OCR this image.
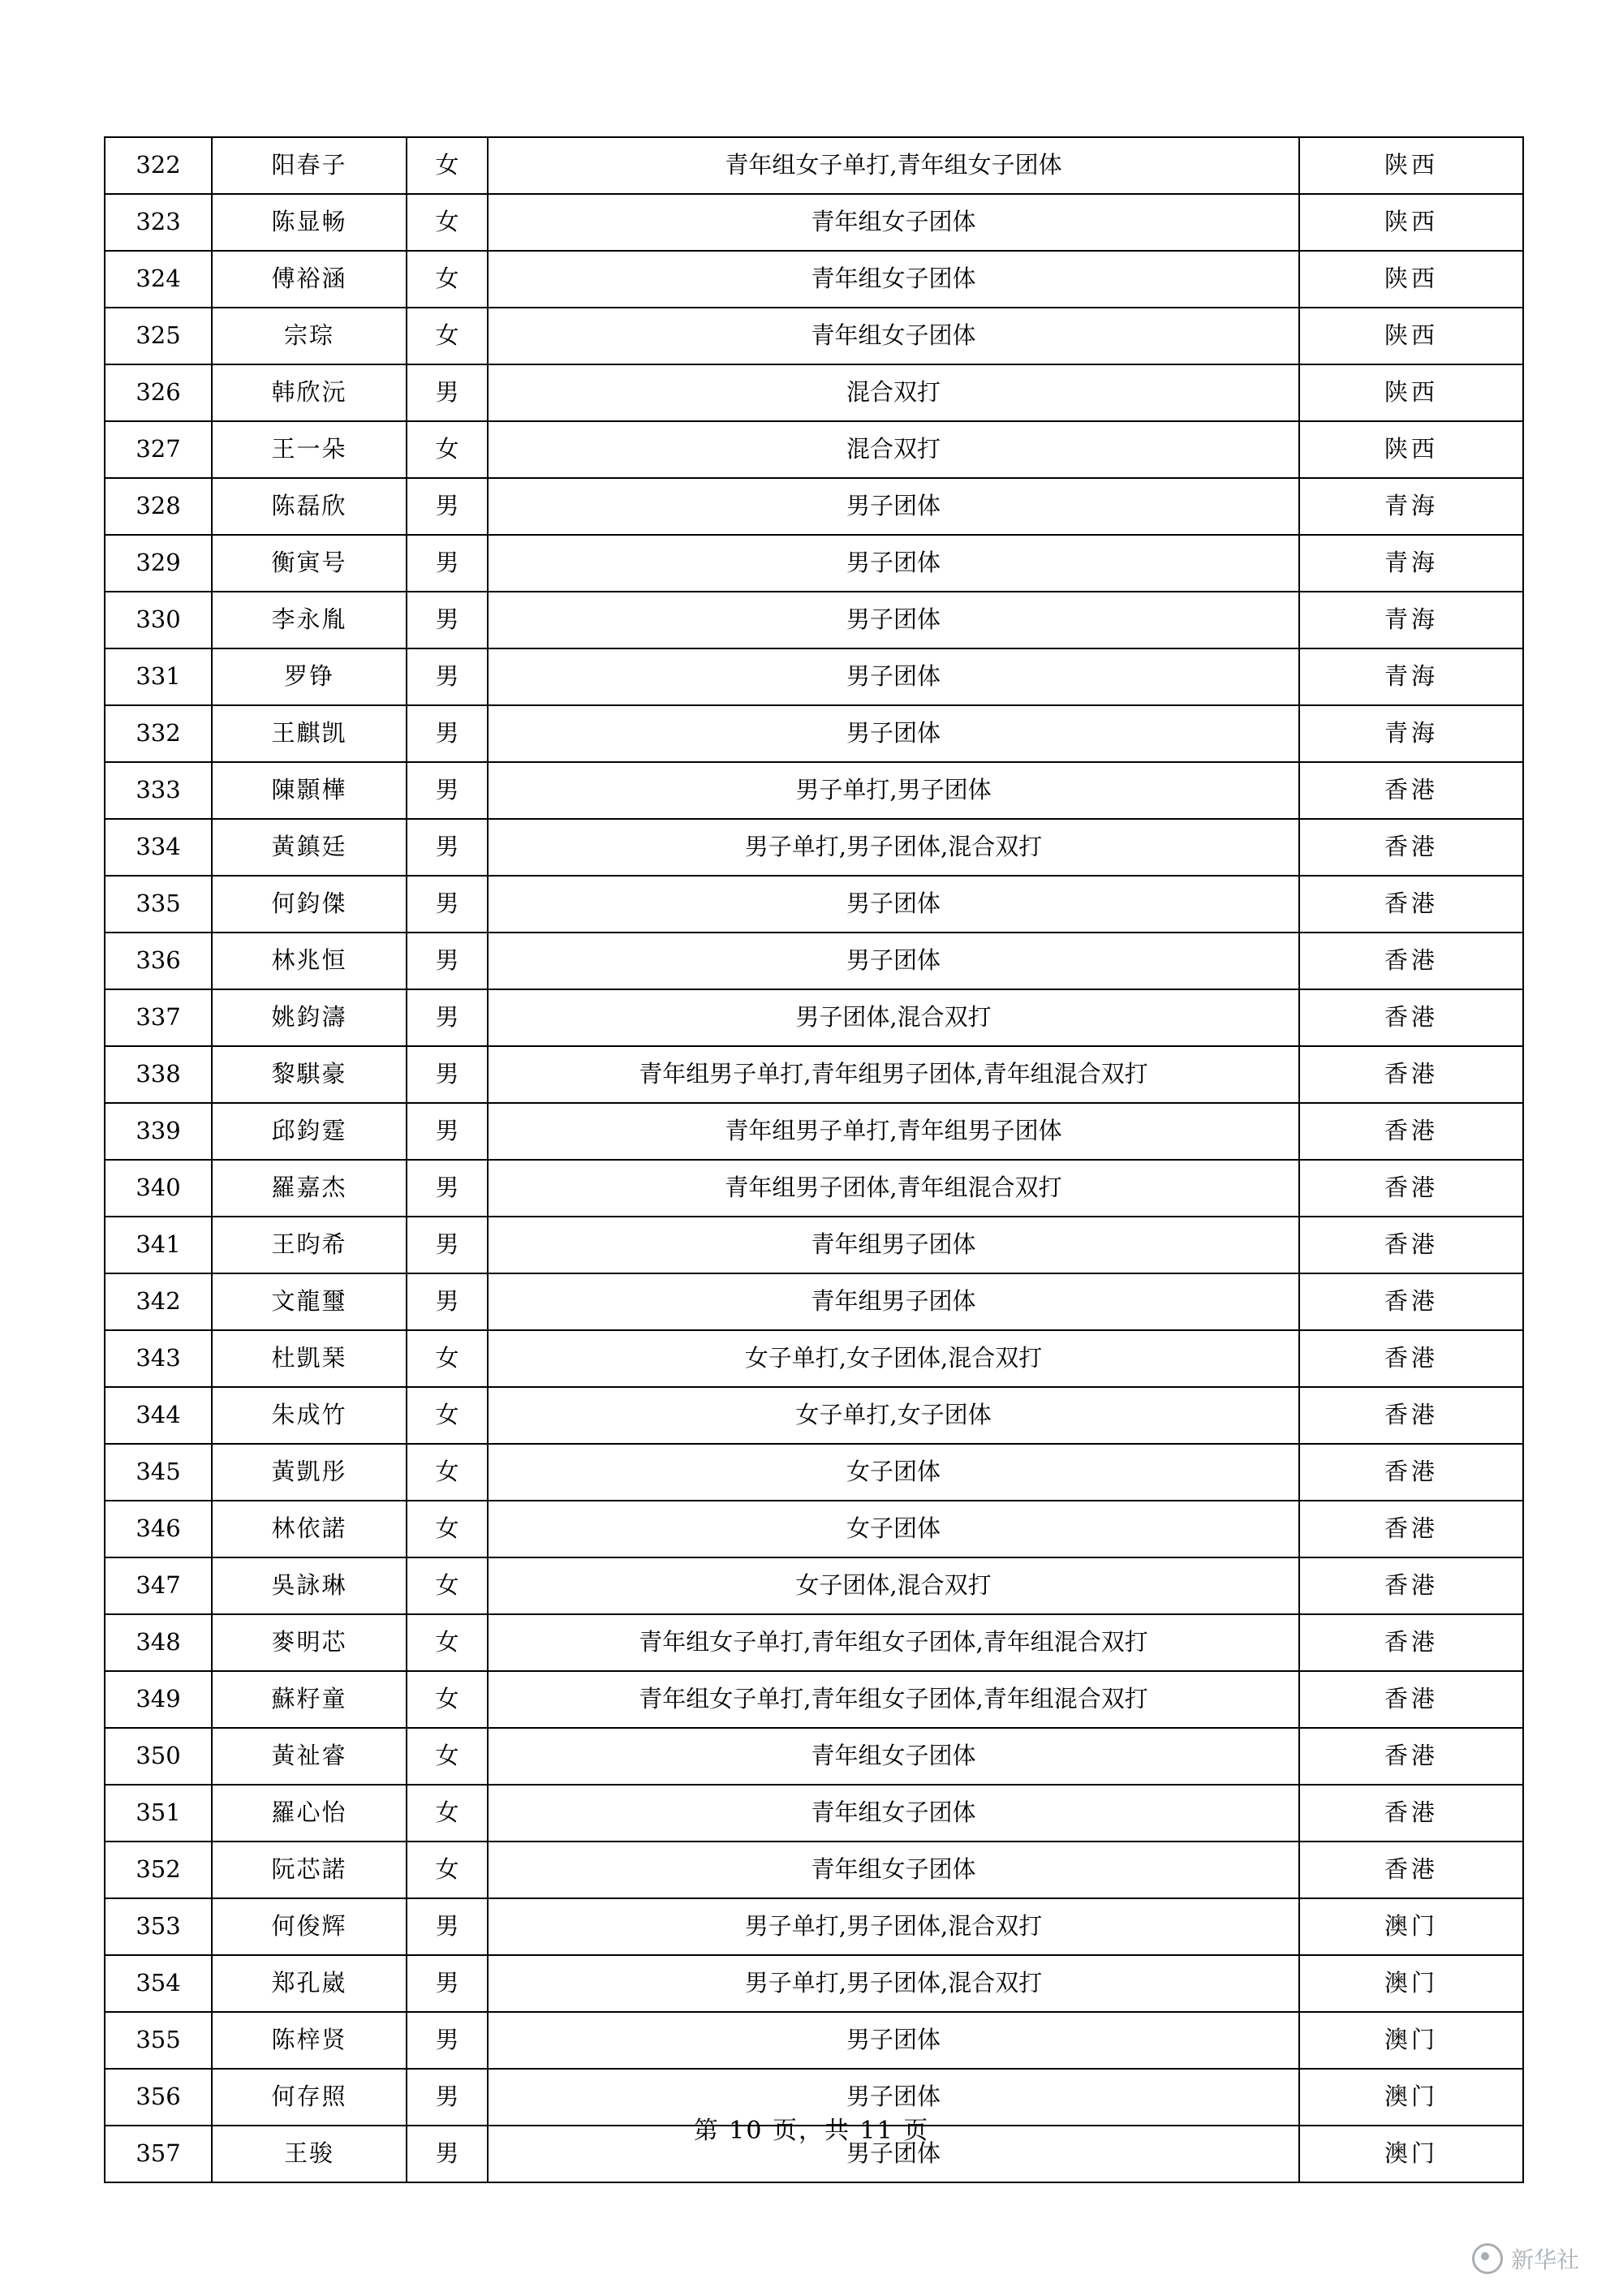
322	阳春子	女	青年组女子单打,青年组女子团体	陕西
323	陈显畅	女	青年组女子团体	陕西
324	傅裕涵	女	青年组女子团体	陕西
325	宗琮	女	青年组女子团体	陕西
326	韩欣沅	男	混合双打	陕西
327	王一朵	女	混合双打	陕西
328	陈磊欣	男	男子团体	青海
329	衡寅号	男	男子团体	青海
330	李永胤	男	男子团体	青海
331	罗铮	男	男子团体	青海
332	王麒凯	男	男子团体	青海
333	陳顥樺	男	男子单打,男子团体	香港
334	黃鎮廷	男	男子单打,男子团体,混合双打	香港
335	何鈞傑	男	男子团体	香港
336	林兆恒	男	男子团体	香港
337	姚鈞濤	男	男子团体,混合双打	香港
338	黎騏豪	男	青年组男子单打,青年组男子团体,青年组混合双打	香港
339	邱鈞霆	男	青年组男子单打,青年组男子团体	香港
340	羅嘉杰	男	青年组男子团体,青年组混合双打	香港
341	王昀希	男	青年组男子团体	香港
342	文龍璽	男	青年组男子团体	香港
343	杜凱琹	女	女子单打,女子团体,混合双打	香港
344	朱成竹	女	女子单打,女子团体	香港
345	黃凱彤	女	女子团体	香港
346	林依諾	女	女子团体	香港
347	吳詠琳	女	女子团体,混合双打	香港
348	麥明芯	女	青年组女子单打,青年组女子团体,青年组混合双打	香港
349	蘇籽童	女	青年组女子单打,青年组女子团体,青年组混合双打	香港
350	黃祉睿	女	青年组女子团体	香港
351	羅心怡	女	青年组女子团体	香港
352	阮芯諾	女	青年组女子团体	香港
353	何俊辉	男	男子单打,男子团体,混合双打	澳门
354	郑孔崴	男	男子单打,男子团体,混合双打	澳门
355	陈梓贤	男	男子团体	澳门
356	何存照	男	男子团体	澳门
357	王骏	男	男子团体	澳门
第 10 页，共 11 页
新华社
